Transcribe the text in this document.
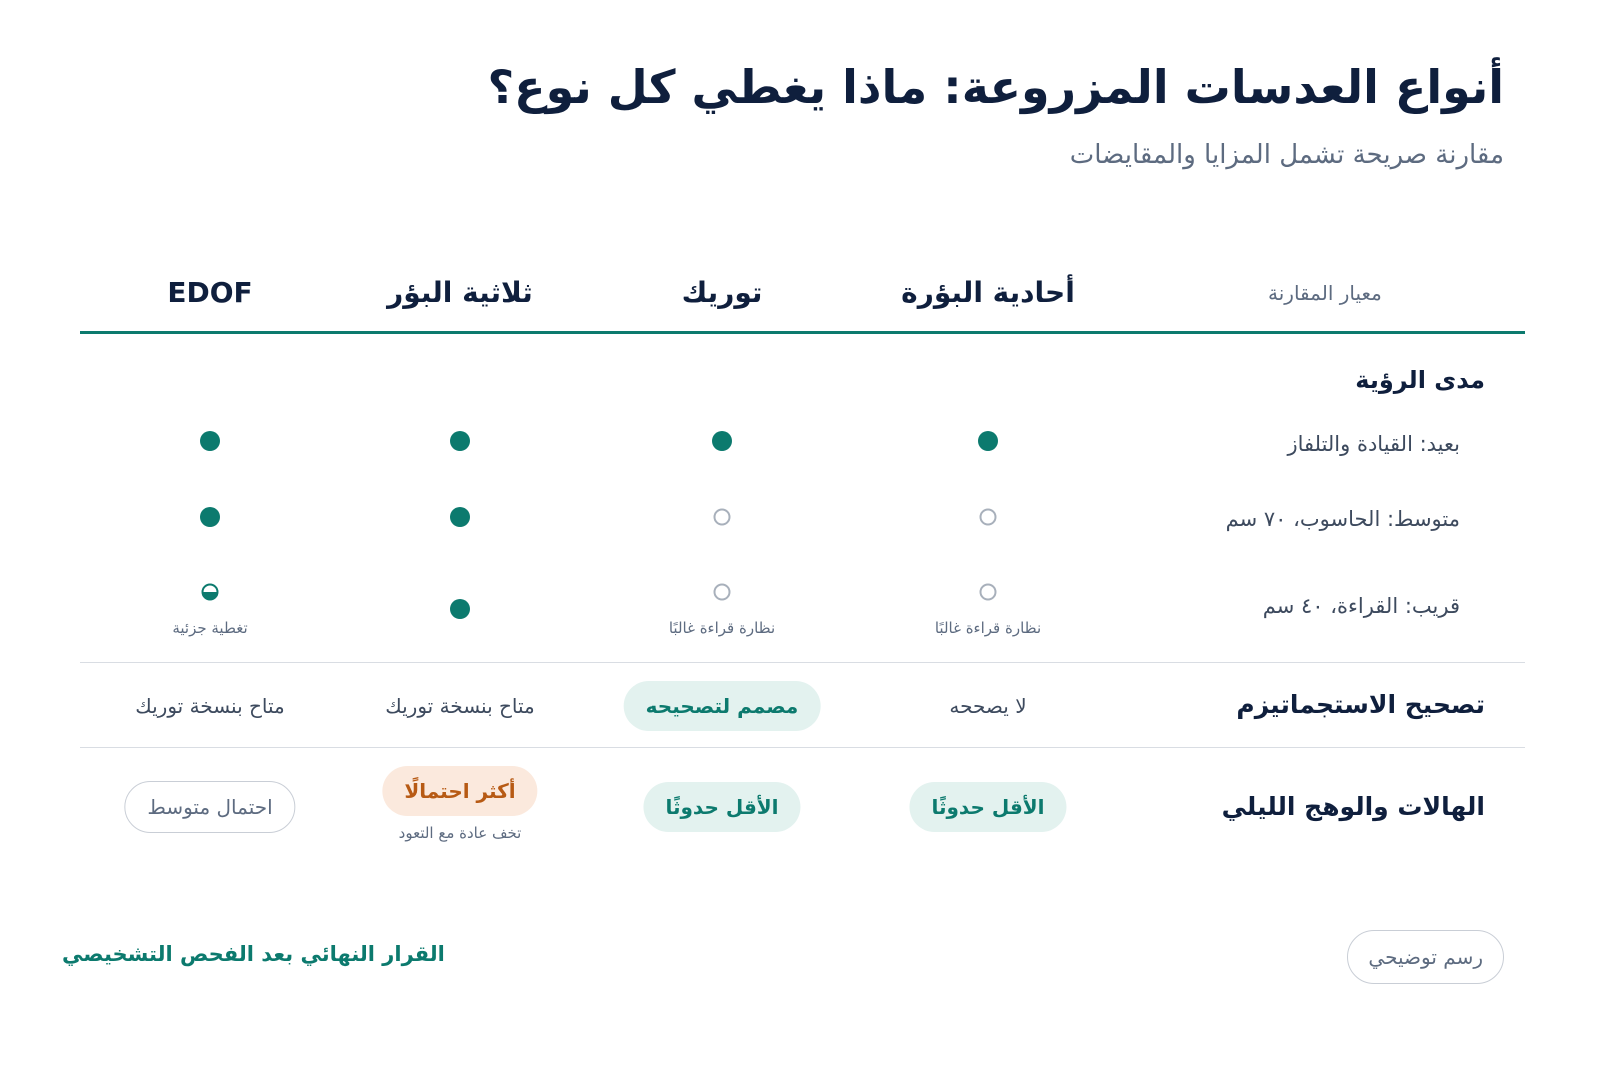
أنواع العدسات المزروعة: ماذا يغطي كل نوع؟
مقارنة صريحة تشمل المزايا والمقايضات
معيار المقارنة
أحادية البؤرة
توريك
ثلاثية البؤر
EDOF
مدى الرؤية
بعيد: القيادة والتلفاز
متوسط: الحاسوب، ٧٠ سم
قريب: القراءة، ٤٠ سم
نظارة قراءة غالبًا
نظارة قراءة غالبًا
تغطية جزئية
تصحيح الاستجماتيزم
لا يصححه
مصمم لتصحيحه
متاح بنسخة توريك
متاح بنسخة توريك
الهالات والوهج الليلي
الأقل حدوثًا
الأقل حدوثًا
أكثر احتمالًا
تخف عادة مع التعود
احتمال متوسط
القرار النهائي بعد الفحص التشخيصي	رسم توضيحي
